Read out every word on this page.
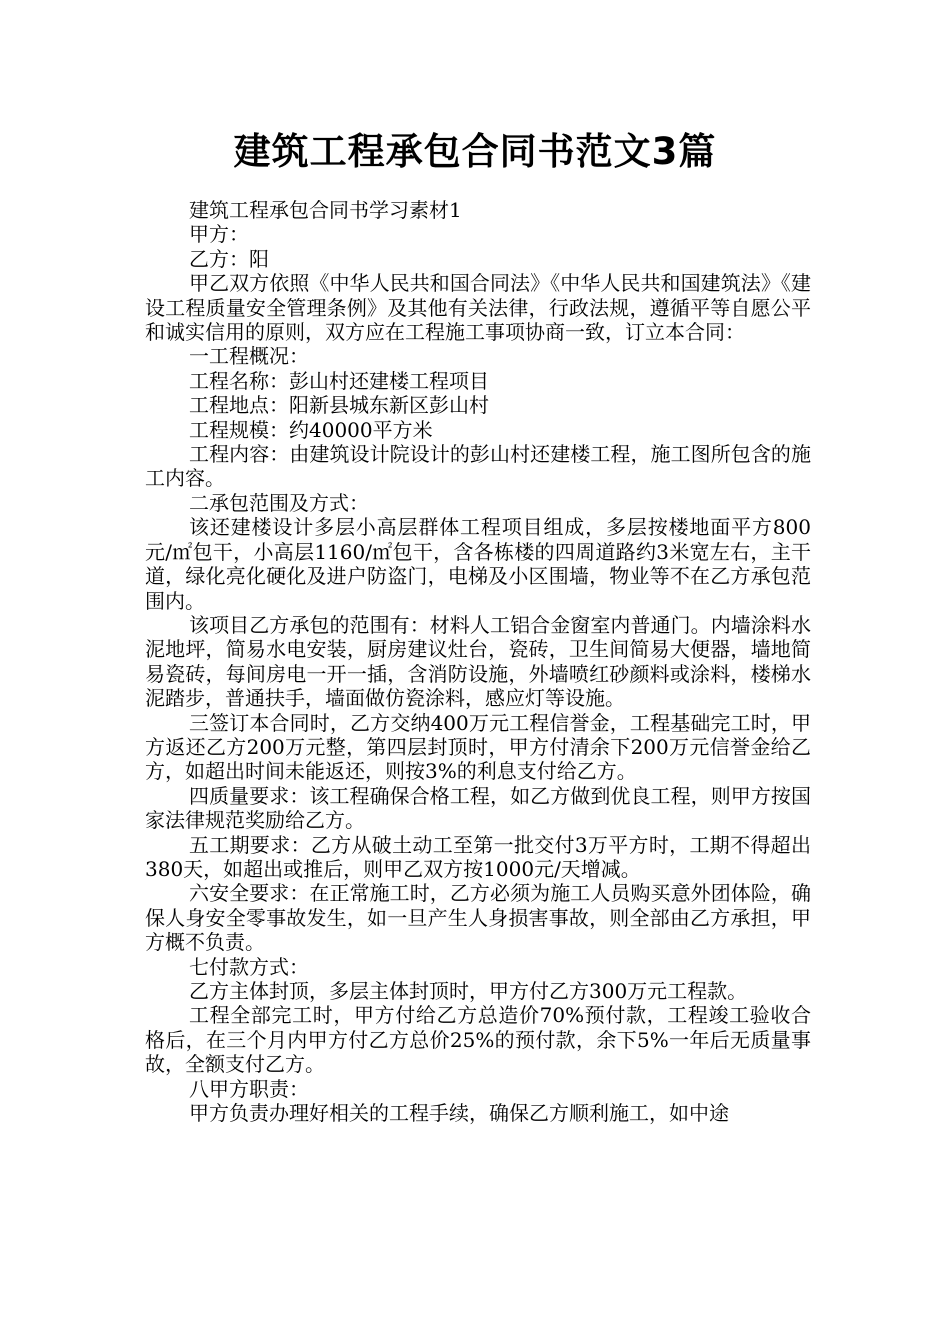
建筑工程承包合同书范文3篇

建筑工程承包合同书学习素材1

甲方：

乙方：阳

甲乙双方依照《中华人民共和国合同法》《中华人民共和国建筑法》《建设工程质量安全管理条例》及其他有关法律，行政法规，遵循平等自愿公平和诚实信用的原则，双方应在工程施工事项协商一致，订立本合同：

一工程概况：

工程名称：彭山村还建楼工程项目

工程地点：阳新县城东新区彭山村

工程规模：约40000平方米

工程内容：由建筑设计院设计的彭山村还建楼工程，施工图所包含的施工内容。

二承包范围及方式：

该还建楼设计多层小高层群体工程项目组成，多层按楼地面平方800元/㎡包干，小高层1160/㎡包干，含各栋楼的四周道路约3米宽左右，主干道，绿化亮化硬化及进户防盗门，电梯及小区围墙，物业等不在乙方承包范围内。

该项目乙方承包的范围有：材料人工铝合金窗室内普通门。内墙涂料水泥地坪，简易水电安装，厨房建议灶台，瓷砖，卫生间简易大便器，墙地简易瓷砖，每间房电一开一插，含消防设施，外墙喷红砂颜料或涂料，楼梯水泥踏步，普通扶手，墙面做仿瓷涂料，感应灯等设施。

三签订本合同时，乙方交纳400万元工程信誉金，工程基础完工时，甲方返还乙方200万元整，第四层封顶时，甲方付清余下200万元信誉金给乙方，如超出时间未能返还，则按3%的利息支付给乙方。

四质量要求：该工程确保合格工程，如乙方做到优良工程，则甲方按国家法律规范奖励给乙方。

五工期要求：乙方从破土动工至第一批交付3万平方时，工期不得超出380天，如超出或推后，则甲乙双方按1000元/天增减。

六安全要求：在正常施工时，乙方必须为施工人员购买意外团体险，确保人身安全零事故发生，如一旦产生人身损害事故，则全部由乙方承担，甲方概不负责。

七付款方式：

乙方主体封顶，多层主体封顶时，甲方付乙方300万元工程款。

工程全部完工时，甲方付给乙方总造价70%预付款，工程竣工验收合格后，在三个月内甲方付乙方总价25%的预付款，余下5%一年后无质量事故，全额支付乙方。

八甲方职责：

甲方负责办理好相关的工程手续，确保乙方顺利施工，如中途
